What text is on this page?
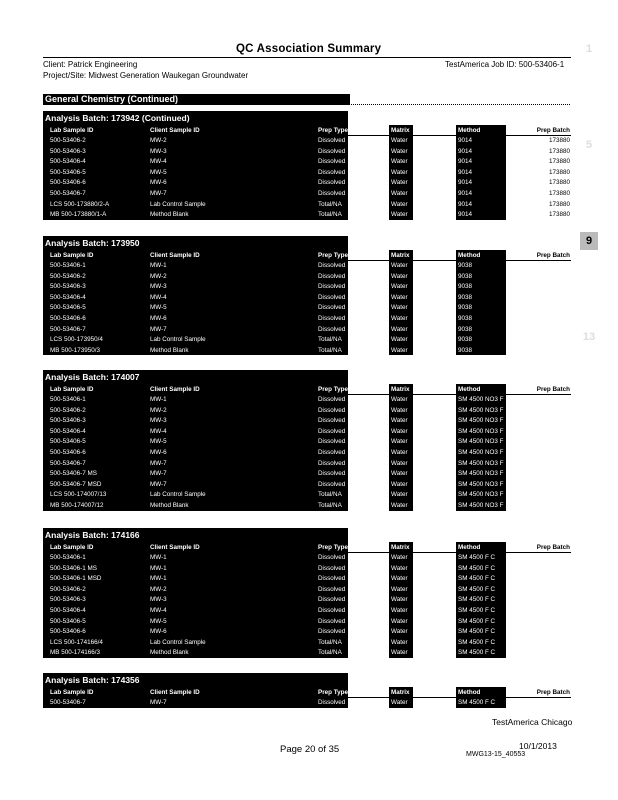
QC Association Summary
Client: Patrick Engineering
Project/Site: Midwest Generation Waukegan Groundwater
TestAmerica Job ID: 500-53406-1
General Chemistry (Continued)
Analysis Batch: 173942 (Continued)
Lab Sample ID	Client Sample ID	Prep Type	Matrix	Method	Prep Batch
500-53406-2	MW-2	Dissolved	Water	9014	173880
500-53406-3	MW-3	Dissolved	Water	9014	173880
500-53406-4	MW-4	Dissolved	Water	9014	173880
500-53406-5	MW-5	Dissolved	Water	9014	173880
500-53406-6	MW-6	Dissolved	Water	9014	173880
500-53406-7	MW-7	Dissolved	Water	9014	173880
LCS 500-173880/2-A	Lab Control Sample	Total/NA	Water	9014	173880
MB 500-173880/1-A	Method Blank	Total/NA	Water	9014	173880
Analysis Batch: 173950
Lab Sample ID	Client Sample ID	Prep Type	Matrix	Method	Prep Batch
500-53406-1	MW-1	Dissolved	Water	9038
500-53406-2	MW-2	Dissolved	Water	9038
500-53406-3	MW-3	Dissolved	Water	9038
500-53406-4	MW-4	Dissolved	Water	9038
500-53406-5	MW-5	Dissolved	Water	9038
500-53406-6	MW-6	Dissolved	Water	9038
500-53406-7	MW-7	Dissolved	Water	9038
LCS 500-173950/4	Lab Control Sample	Total/NA	Water	9038
MB 500-173950/3	Method Blank	Total/NA	Water	9038
Analysis Batch: 174007
Lab Sample ID	Client Sample ID	Prep Type	Matrix	Method	Prep Batch
500-53406-1	MW-1	Dissolved	Water	SM 4500 NO3 F
500-53406-2	MW-2	Dissolved	Water	SM 4500 NO3 F
500-53406-3	MW-3	Dissolved	Water	SM 4500 NO3 F
500-53406-4	MW-4	Dissolved	Water	SM 4500 NO3 F
500-53406-5	MW-5	Dissolved	Water	SM 4500 NO3 F
500-53406-6	MW-6	Dissolved	Water	SM 4500 NO3 F
500-53406-7	MW-7	Dissolved	Water	SM 4500 NO3 F
500-53406-7 MS	MW-7	Dissolved	Water	SM 4500 NO3 F
500-53406-7 MSD	MW-7	Dissolved	Water	SM 4500 NO3 F
LCS 500-174007/13	Lab Control Sample	Total/NA	Water	SM 4500 NO3 F
MB 500-174007/12	Method Blank	Total/NA	Water	SM 4500 NO3 F
Analysis Batch: 174166
Lab Sample ID	Client Sample ID	Prep Type	Matrix	Method	Prep Batch
500-53406-1	MW-1	Dissolved	Water	SM 4500 F C
500-53406-1 MS	MW-1	Dissolved	Water	SM 4500 F C
500-53406-1 MSD	MW-1	Dissolved	Water	SM 4500 F C
500-53406-2	MW-2	Dissolved	Water	SM 4500 F C
500-53406-3	MW-3	Dissolved	Water	SM 4500 F C
500-53406-4	MW-4	Dissolved	Water	SM 4500 F C
500-53406-5	MW-5	Dissolved	Water	SM 4500 F C
500-53406-6	MW-6	Dissolved	Water	SM 4500 F C
LCS 500-174166/4	Lab Control Sample	Total/NA	Water	SM 4500 F C
MB 500-174166/3	Method Blank	Total/NA	Water	SM 4500 F C
Analysis Batch: 174356
Lab Sample ID	Client Sample ID	Prep Type	Matrix	Method	Prep Batch
500-53406-7	MW-7	Dissolved	Water	SM 4500 F C
1
5
9
13
TestAmerica Chicago
Page 20 of 35	10/1/2013
MWG13-15_40553
